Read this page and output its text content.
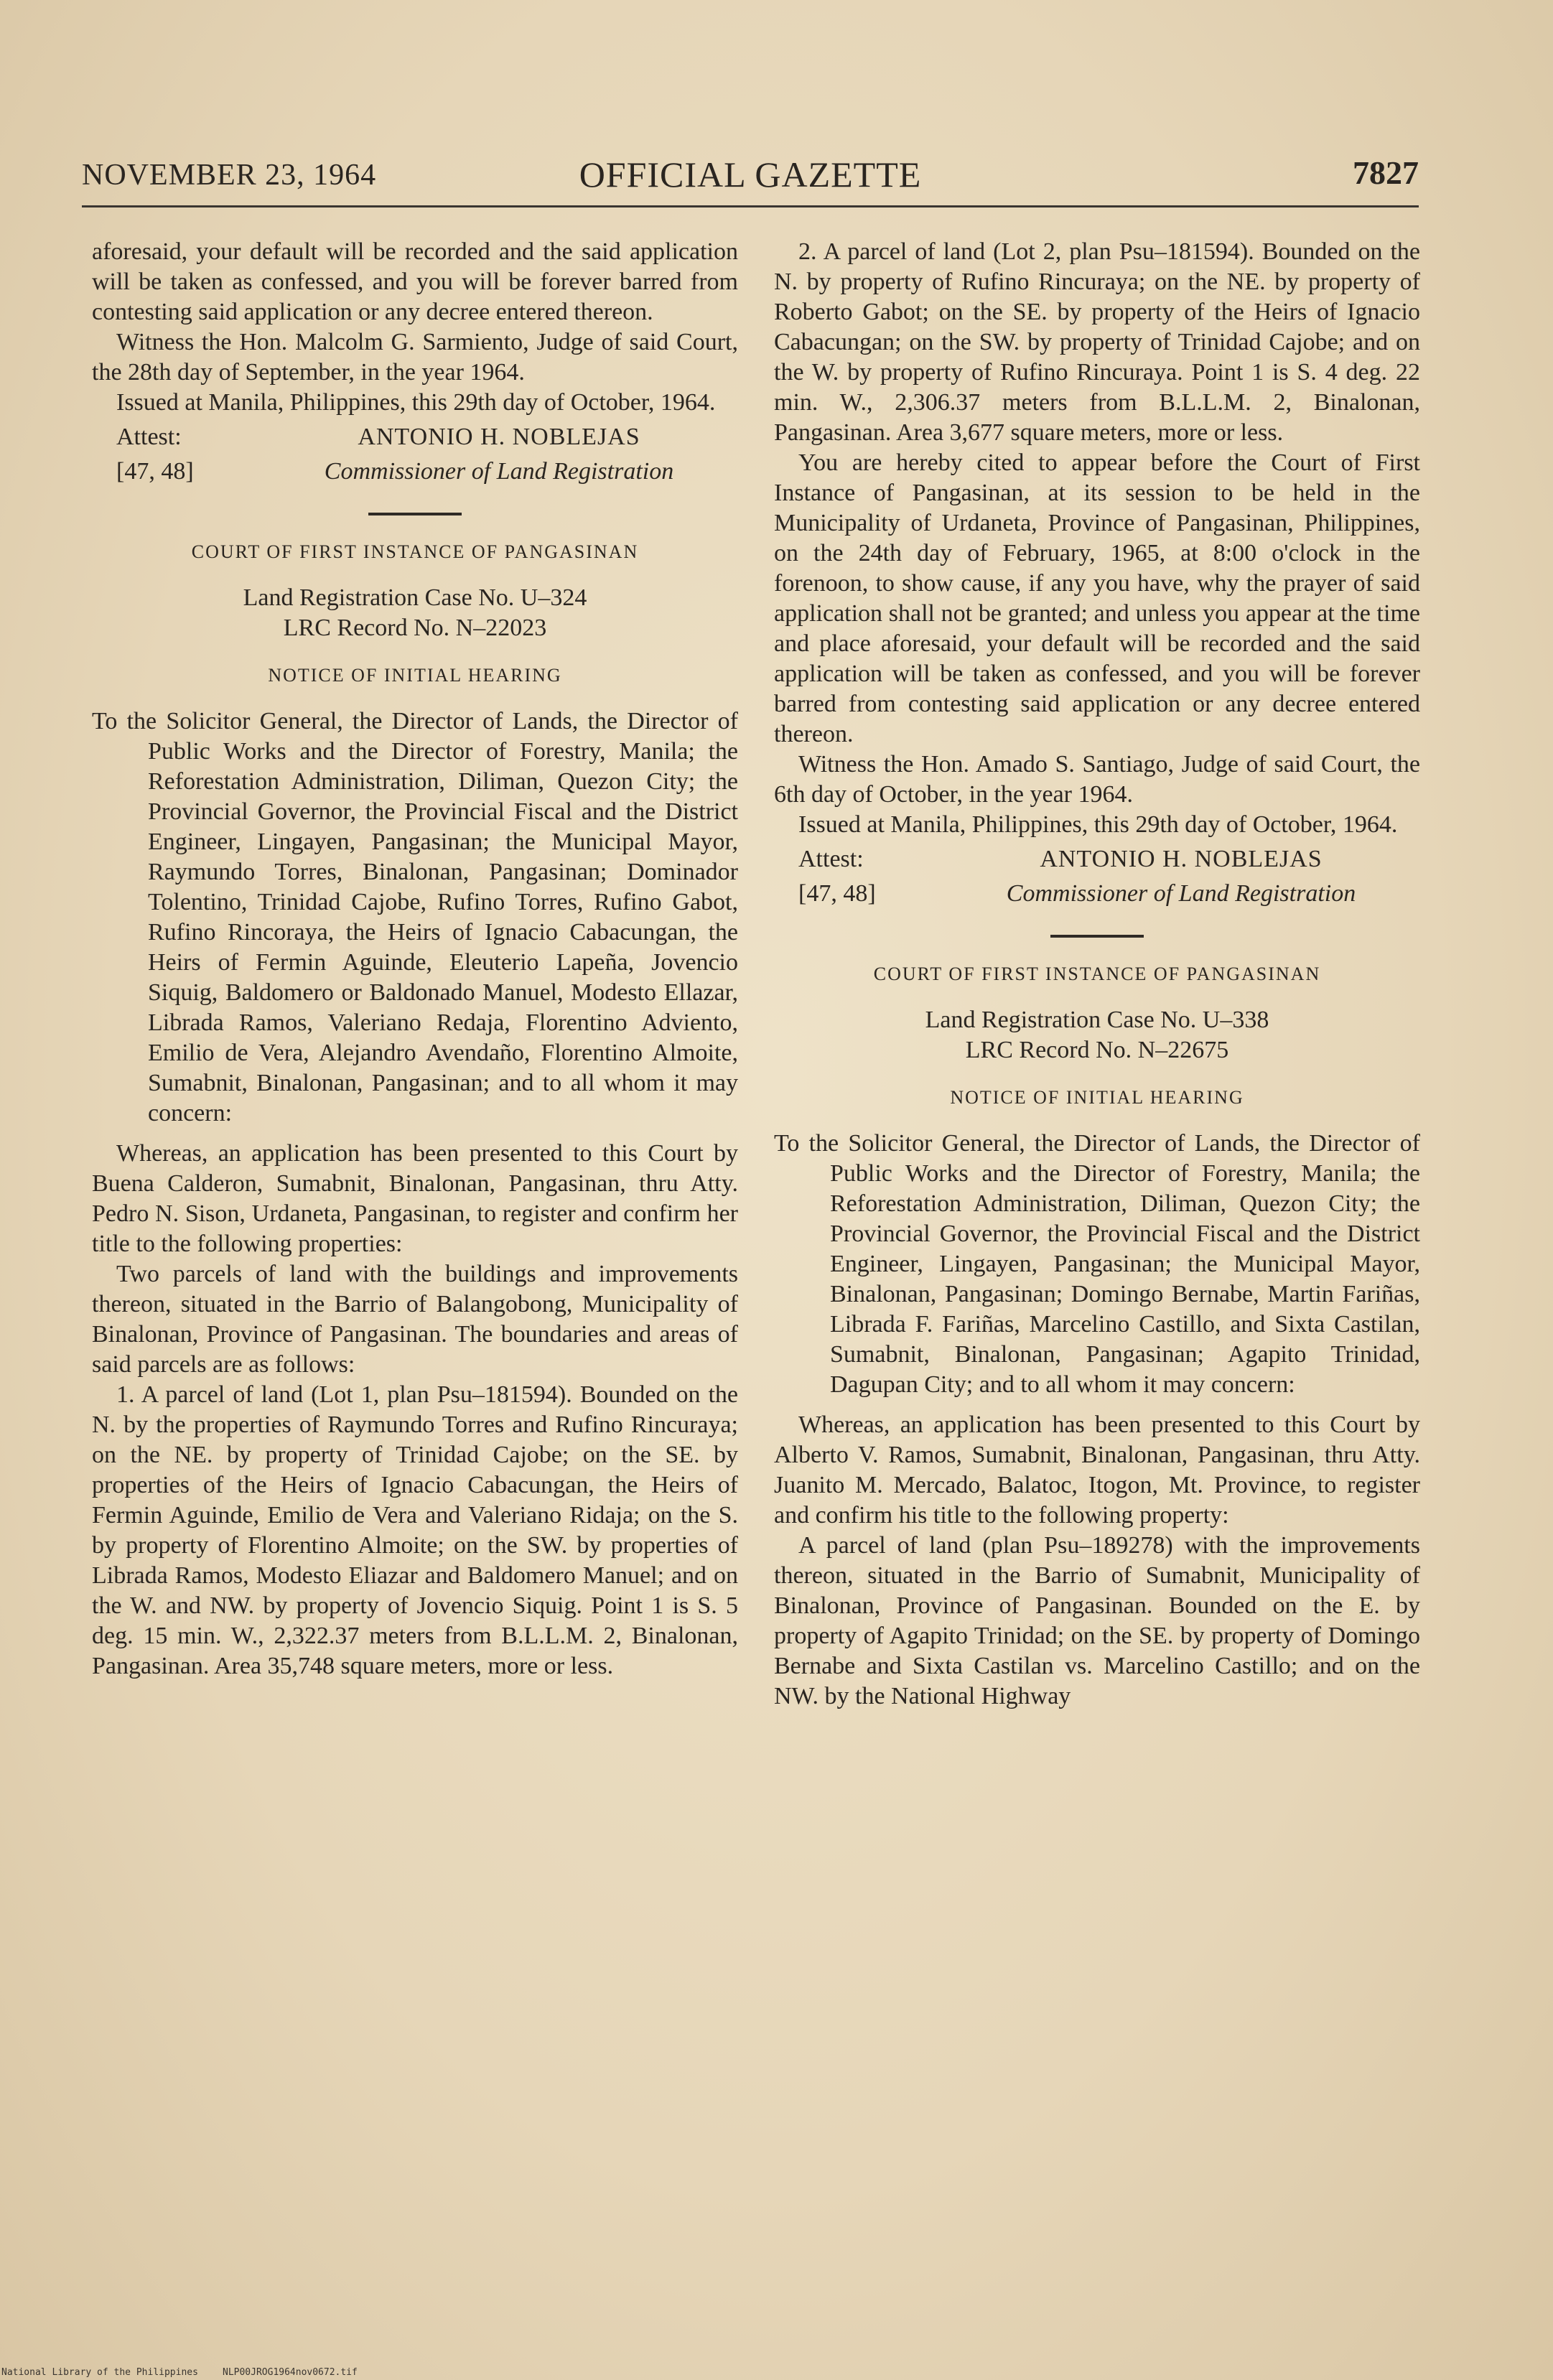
NOVEMBER 23, 1964	OFFICIAL GAZETTE	7827

aforesaid, your default will be recorded and the said application will be taken as confessed, and you will be forever barred from contesting said application or any decree entered thereon.

Witness the Hon. Malcolm G. Sarmiento, Judge of said Court, the 28th day of September, in the year 1964.

Issued at Manila, Philippines, this 29th day of October, 1964.

Attest:	ANTONIO H. NOBLEJAS
[47, 48]	Commissioner of Land Registration
COURT OF FIRST INSTANCE OF PANGASINAN
Land Registration Case No. U–324
LRC Record No. N–22023
NOTICE OF INITIAL HEARING

To the Solicitor General, the Director of Lands, the Director of Public Works and the Director of Forestry, Manila; the Reforestation Administration, Diliman, Quezon City; the Provincial Governor, the Provincial Fiscal and the District Engineer, Lingayen, Pangasinan; the Municipal Mayor, Raymundo Torres, Binalonan, Pangasinan; Dominador Tolentino, Trinidad Cajobe, Rufino Torres, Rufino Gabot, Rufino Rincoraya, the Heirs of Ignacio Cabacungan, the Heirs of Fermin Aguinde, Eleuterio Lapeña, Jovencio Siquig, Baldomero or Baldonado Manuel, Modesto Ellazar, Librada Ramos, Valeriano Redaja, Florentino Adviento, Emilio de Vera, Alejandro Avendaño, Florentino Almoite, Sumabnit, Binalonan, Pangasinan; and to all whom it may concern:

Whereas, an application has been presented to this Court by Buena Calderon, Sumabnit, Binalonan, Pangasinan, thru Atty. Pedro N. Sison, Urdaneta, Pangasinan, to register and confirm her title to the following properties:

Two parcels of land with the buildings and improvements thereon, situated in the Barrio of Balangobong, Municipality of Binalonan, Province of Pangasinan. The boundaries and areas of said parcels are as follows:

1. A parcel of land (Lot 1, plan Psu–181594). Bounded on the N. by the properties of Raymundo Torres and Rufino Rincuraya; on the NE. by property of Trinidad Cajobe; on the SE. by properties of the Heirs of Ignacio Cabacungan, the Heirs of Fermin Aguinde, Emilio de Vera and Valeriano Ridaja; on the S. by property of Florentino Almoite; on the SW. by properties of Librada Ramos, Modesto Eliazar and Baldomero Manuel; and on the W. and NW. by property of Jovencio Siquig. Point 1 is S. 5 deg. 15 min. W., 2,322.37 meters from B.L.L.M. 2, Binalonan, Pangasinan. Area 35,748 square meters, more or less.

2. A parcel of land (Lot 2, plan Psu–181594). Bounded on the N. by property of Rufino Rincuraya; on the NE. by property of Roberto Gabot; on the SE. by property of the Heirs of Ignacio Cabacungan; on the SW. by property of Trinidad Cajobe; and on the W. by property of Rufino Rincuraya. Point 1 is S. 4 deg. 22 min. W., 2,306.37 meters from B.L.L.M. 2, Binalonan, Pangasinan. Area 3,677 square meters, more or less.

You are hereby cited to appear before the Court of First Instance of Pangasinan, at its session to be held in the Municipality of Urdaneta, Province of Pangasinan, Philippines, on the 24th day of February, 1965, at 8:00 o'clock in the forenoon, to show cause, if any you have, why the prayer of said application shall not be granted; and unless you appear at the time and place aforesaid, your default will be recorded and the said application will be taken as confessed, and you will be forever barred from contesting said application or any decree entered thereon.

Witness the Hon. Amado S. Santiago, Judge of said Court, the 6th day of October, in the year 1964.

Issued at Manila, Philippines, this 29th day of October, 1964.

Attest:	ANTONIO H. NOBLEJAS
[47, 48]	Commissioner of Land Registration
COURT OF FIRST INSTANCE OF PANGASINAN
Land Registration Case No. U–338
LRC Record No. N–22675
NOTICE OF INITIAL HEARING

To the Solicitor General, the Director of Lands, the Director of Public Works and the Director of Forestry, Manila; the Reforestation Administration, Diliman, Quezon City; the Provincial Governor, the Provincial Fiscal and the District Engineer, Lingayen, Pangasinan; the Municipal Mayor, Binalonan, Pangasinan; Domingo Bernabe, Martin Fariñas, Librada F. Fariñas, Marcelino Castillo, and Sixta Castilan, Sumabnit, Binalonan, Pangasinan; Agapito Trinidad, Dagupan City; and to all whom it may concern:

Whereas, an application has been presented to this Court by Alberto V. Ramos, Sumabnit, Binalonan, Pangasinan, thru Atty. Juanito M. Mercado, Balatoc, Itogon, Mt. Province, to register and confirm his title to the following property:

A parcel of land (plan Psu–189278) with the improvements thereon, situated in the Barrio of Sumabnit, Municipality of Binalonan, Province of Pangasinan. Bounded on the E. by property of Agapito Trinidad; on the SE. by property of Domingo Bernabe and Sixta Castilan vs. Marcelino Castillo; and on the NW. by the National Highway

National Library of the Philippines	NLP00JROG1964nov0672.tif
